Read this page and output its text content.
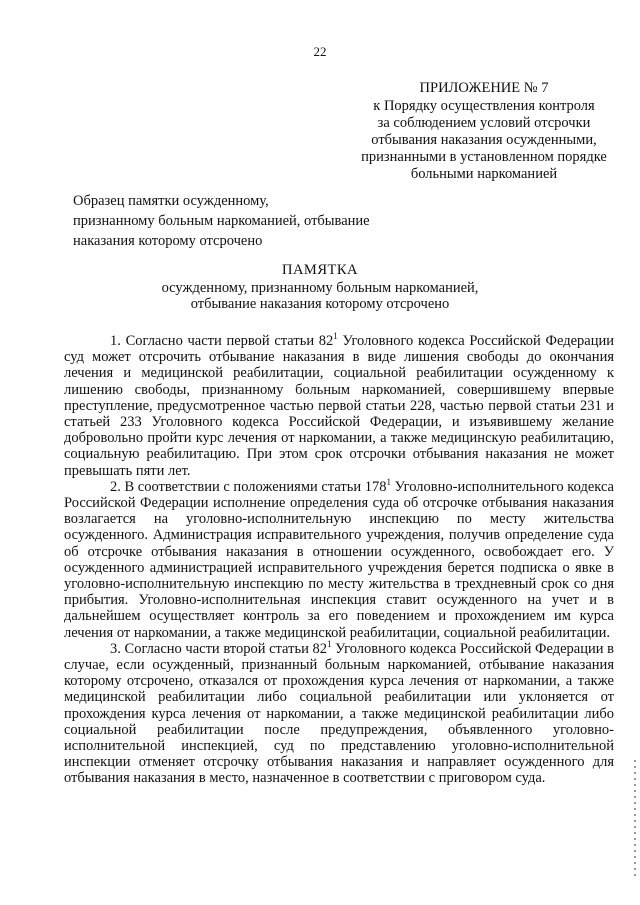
22
ПРИЛОЖЕНИЕ № 7
к Порядку осуществления контроля
за соблюдением условий отсрочки
отбывания наказания осужденными,
признанными в установленном порядке
больными наркоманией
Образец памятки осужденному,
признанному больным наркоманией, отбывание
наказания которому отсрочено
ПАМЯТКА
осужденному, признанному больным наркоманией,
отбывание наказания которому отсрочено

1. Согласно части первой статьи $82^1$ Уголовного кодекса Российской Федерации суд может отсрочить отбывание наказания в виде лишения свободы до окончания лечения и медицинской реабилитации, социальной реабилитации осужденному к лишению свободы, признанному больным наркоманией, совершившему впервые преступление, предусмотренное частью первой статьи 228, частью первой статьи 231 и статьей 233 Уголовного кодекса Российской Федерации, и изъявившему желание добровольно пройти курс лечения от наркомании, а также медицинскую реабилитацию, социальную реабилитацию. При этом срок отсрочки отбывания наказания не может превышать пяти лет.

2. В соответствии с положениями статьи $178^1$ Уголовно-исполнительного кодекса Российской Федерации исполнение определения суда об отсрочке отбывания наказания возлагается на уголовно-исполнительную инспекцию по месту жительства осужденного. Администрация исправительного учреждения, получив определение суда об отсрочке отбывания наказания в отношении осужденного, освобождает его. У осужденного администрацией исправительного учреждения берется подписка о явке в уголовно-исполнительную инспекцию по месту жительства в трехдневный срок со дня прибытия. Уголовно-исполнительная инспекция ставит осужденного на учет и в дальнейшем осуществляет контроль за его поведением и прохождением им курса лечения от наркомании, а также медицинской реабилитации, социальной реабилитации.

3. Согласно части второй статьи $82^1$ Уголовного кодекса Российской Федерации в случае, если осужденный, признанный больным наркоманией, отбывание наказания которому отсрочено, отказался от прохождения курса лечения от наркомании, а также медицинской реабилитации либо социальной реабилитации или уклоняется от прохождения курса лечения от наркомании, а также медицинской реабилитации либо социальной реабилитации после предупреждения, объявленного уголовно-исполнительной инспекцией, суд по представлению уголовно-исполнительной инспекции отменяет отсрочку отбывания наказания и направляет осужденного для отбывания наказания в место, назначенное в соответствии с приговором суда.
